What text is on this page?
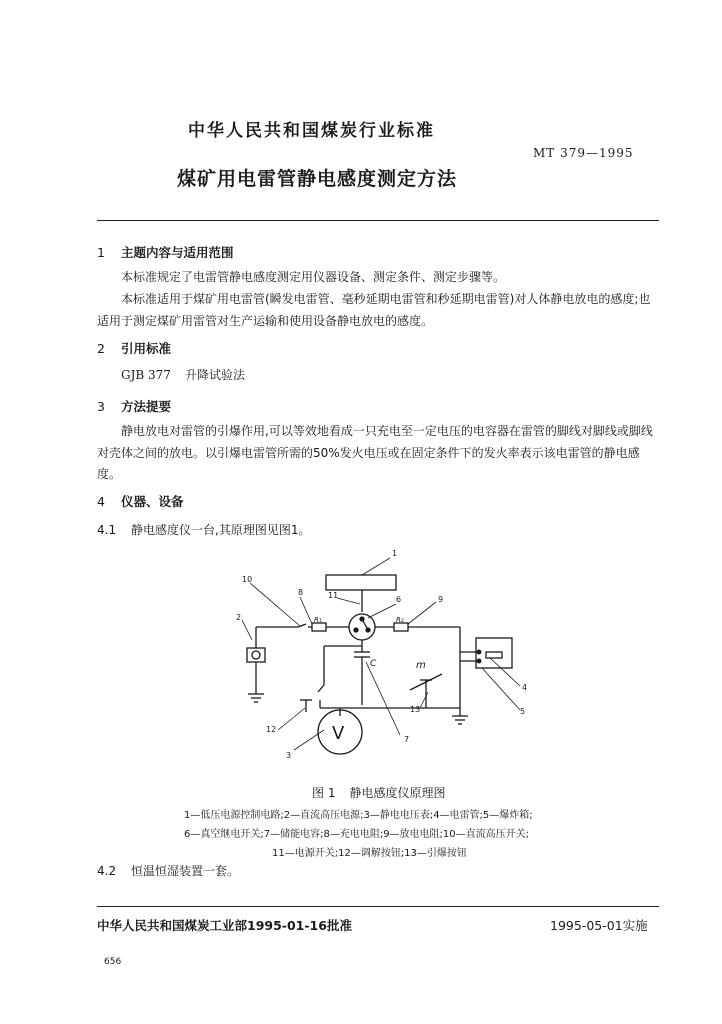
中华人民共和国煤炭行业标准
MT 379—1995
煤矿用电雷管静电感度测定方法
1 主题内容与适用范围
本标准规定了电雷管静电感度测定用仪器设备、测定条件、测定步骤等。
本标准适用于煤矿用电雷管(瞬发电雷管、毫秒延期电雷管和秒延期电雷管)对人体静电放电的感度;也适用于测定煤矿用雷管对生产运输和使用设备静电放电的感度。
2 引用标准
GJB 377 升降试验法
3 方法提要
静电放电对雷管的引爆作用,可以等效地看成一只充电至一定电压的电容器在雷管的脚线对脚线或脚线对壳体之间的放电。以引爆电雷管所需的50%发火电压或在固定条件下的发火率表示该电雷管的静电感度。
4 仪器、设备
4.1 静电感度仪一台,其原理图见图1。
1
2
3
4
5
6
7
8
9
10
11
12
13
R₁	R₂
C
V
m
图 1 静电感度仪原理图
1—低压电源控制电路;2—直流高压电源;3—静电电压表;4—电雷管;5—爆炸箱;
6—真空继电开关;7—储能电容;8—充电电阻;9—放电电阻;10—直流高压开关;
11—电源开关;12—调解按钮;13—引爆按钮
4.2 恒温恒湿装置一套。
中华人民共和国煤炭工业部1995-01-16批准	1995-05-01实施
656
